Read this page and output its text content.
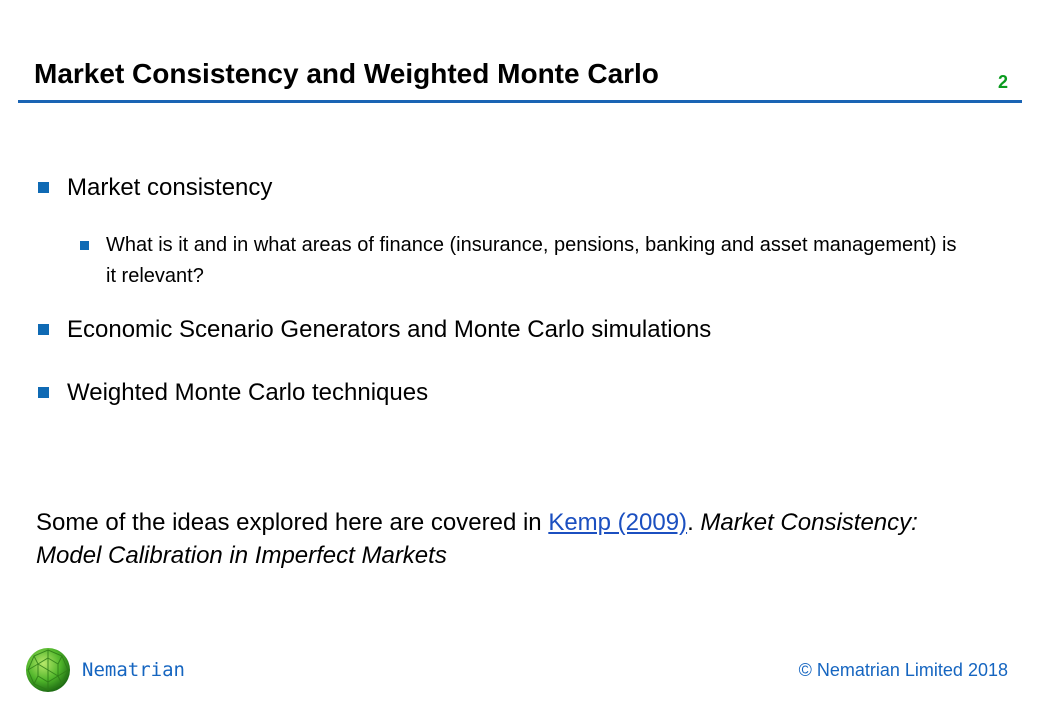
Market Consistency and Weighted Monte Carlo	2
Market consistency
What is it and in what areas of finance (insurance, pensions, banking and asset management) is it relevant?
Economic Scenario Generators and Monte Carlo simulations
Weighted Monte Carlo techniques
Some of the ideas explored here are covered in Kemp (2009). Market Consistency: Model Calibration in Imperfect Markets
Nematrian	© Nematrian Limited 2018
